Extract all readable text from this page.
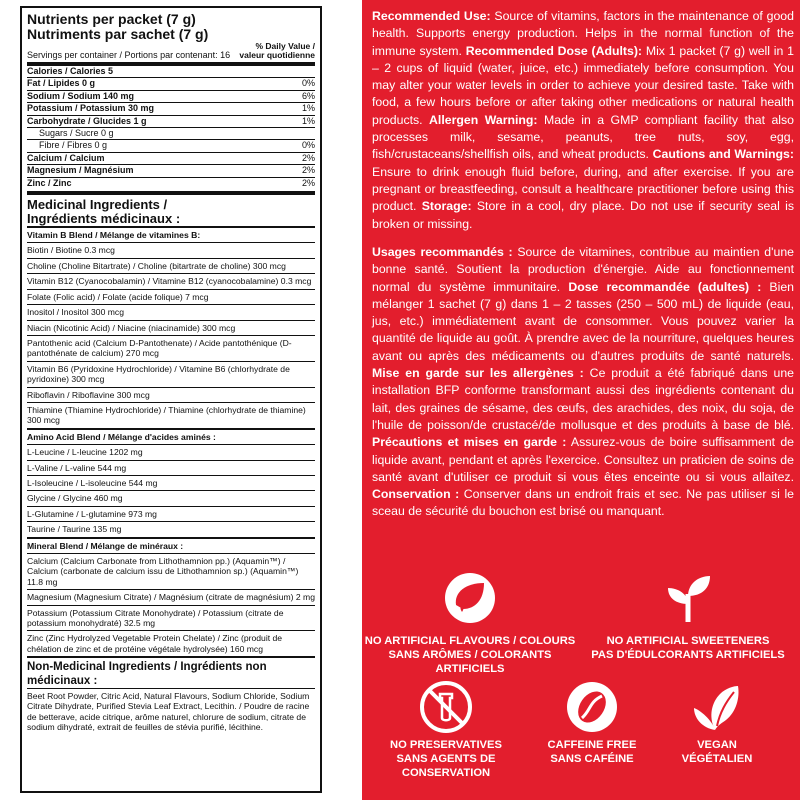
Nutrients per packet (7 g)
Nutriments par sachet (7 g)
Servings per container / Portions par contenant: 16
% Daily Value /
valeur quotidienne
Calories / Calories 5
Fat / Lipides 0 g	0%
Sodium / Sodium 140 mg	6%
Potassium / Potassium 30 mg	1%
Carbohydrate / Glucides 1 g	1%
Sugars / Sucre 0 g
Fibre / Fibres 0 g	0%
Calcium / Calcium	2%
Magnesium / Magnésium	2%
Zinc / Zinc	2%
Medicinal Ingredients /
Ingrédients médicinaux :
Vitamin B Blend / Mélange de vitamines B:
Biotin / Biotine 0.3 mcg
Choline (Choline Bitartrate) / Choline (bitartrate de choline) 300 mcg
Vitamin B12 (Cyanocobalamin) / Vitamine B12 (cyanocobalamine) 0.3 mcg
Folate (Folic acid) / Folate (acide folique) 7 mcg
Inositol / Inositol 300 mcg
Niacin (Nicotinic Acid) / Niacine (niacinamide) 300 mcg
Pantothenic acid (Calcium D-Pantothenate) / Acide pantothénique (D-pantothénate de calcium) 270 mcg
Vitamin B6 (Pyridoxine Hydrochloride) / Vitamine B6 (chlorhydrate de pyridoxine) 300 mcg
Riboflavin / Riboflavine 300 mcg
Thiamine (Thiamine Hydrochloride) / Thiamine (chlorhydrate de thiamine) 300 mcg
Amino Acid Blend / Mélange d'acides aminés :
L-Leucine / L-leucine 1202 mg
L-Valine / L-valine 544 mg
L-Isoleucine / L-isoleucine 544 mg
Glycine / Glycine 460 mg
L-Glutamine / L-glutamine 973 mg
Taurine / Taurine 135 mg
Mineral Blend / Mélange de minéraux :
Calcium (Calcium Carbonate from Lithothamnion pp.) (Aquamin™) / Calcium (carbonate de calcium issu de Lithothamnion sp.) (Aquamin™) 11.8 mg
Magnesium (Magnesium Citrate) / Magnésium (citrate de magnésium) 2 mg
Potassium (Potassium Citrate Monohydrate) / Potassium (citrate de potassium monohydraté) 32.5 mg
Zinc (Zinc Hydrolyzed Vegetable Protein Chelate) / Zinc (produit de chélation de zinc et de protéine végétale hydrolysée) 160 mcg
Non-Medicinal Ingredients / Ingrédients non médicinaux :
Beet Root Powder, Citric Acid, Natural Flavours, Sodium Chloride, Sodium Citrate Dihydrate, Purified Stevia Leaf Extract, Lecithin. / Poudre de racine de betterave, acide citrique, arôme naturel, chlorure de sodium, citrate de sodium dihydraté, extrait de feuilles de stévia purifié, lécithine.
Recommended Use: Source of vitamins, factors in the maintenance of good health. Supports energy production. Helps in the normal function of the immune system. Recommended Dose (Adults): Mix 1 packet (7 g) well in 1 – 2 cups of liquid (water, juice, etc.) immediately before consumption. You may alter your water levels in order to achieve your desired taste. Take with food, a few hours before or after taking other medications or natural health products. Allergen Warning: Made in a GMP compliant facility that also processes milk, sesame, peanuts, tree nuts, soy, egg, fish/crustaceans/shellfish oils, and wheat products. Cautions and Warnings: Ensure to drink enough fluid before, during, and after exercise. If you are pregnant or breastfeeding, consult a healthcare practitioner before using this product. Storage: Store in a cool, dry place. Do not use if security seal is broken or missing.
Usages recommandés : Source de vitamines, contribue au maintien d'une bonne santé. Soutient la production d'énergie. Aide au fonctionnement normal du système immunitaire. Dose recommandée (adultes) : Bien mélanger 1 sachet (7 g) dans 1 – 2 tasses (250 – 500 mL) de liquide (eau, jus, etc.) immédiatement avant de consommer. Vous pouvez varier la quantité de liquide au goût. À prendre avec de la nourriture, quelques heures avant ou après des médicaments ou d'autres produits de santé naturels. Mise en garde sur les allergènes : Ce produit a été fabriqué dans une installation BFP conforme transformant aussi des ingrédients contenant du lait, des graines de sésame, des œufs, des arachides, des noix, du soja, de l'huile de poisson/de crustacé/de mollusque et des produits à base de blé. Précautions et mises en garde : Assurez-vous de boire suffisamment de liquide avant, pendant et après l'exercice. Consultez un praticien de soins de santé avant d'utiliser ce produit si vous êtes enceinte ou si vous allaitez. Conservation : Conserver dans un endroit frais et sec. Ne pas utiliser si le sceau de sécurité du bouchon est brisé ou manquant.
NO ARTIFICIAL FLAVOURS / COLOURS
SANS ARÔMES / COLORANTS ARTIFICIELS
NO ARTIFICIAL SWEETENERS
PAS D'ÉDULCORANTS ARTIFICIELS
NO PRESERVATIVES
SANS AGENTS DE CONSERVATION
CAFFEINE FREE
SANS CAFÉINE
VEGAN
VÉGÉTALIEN
